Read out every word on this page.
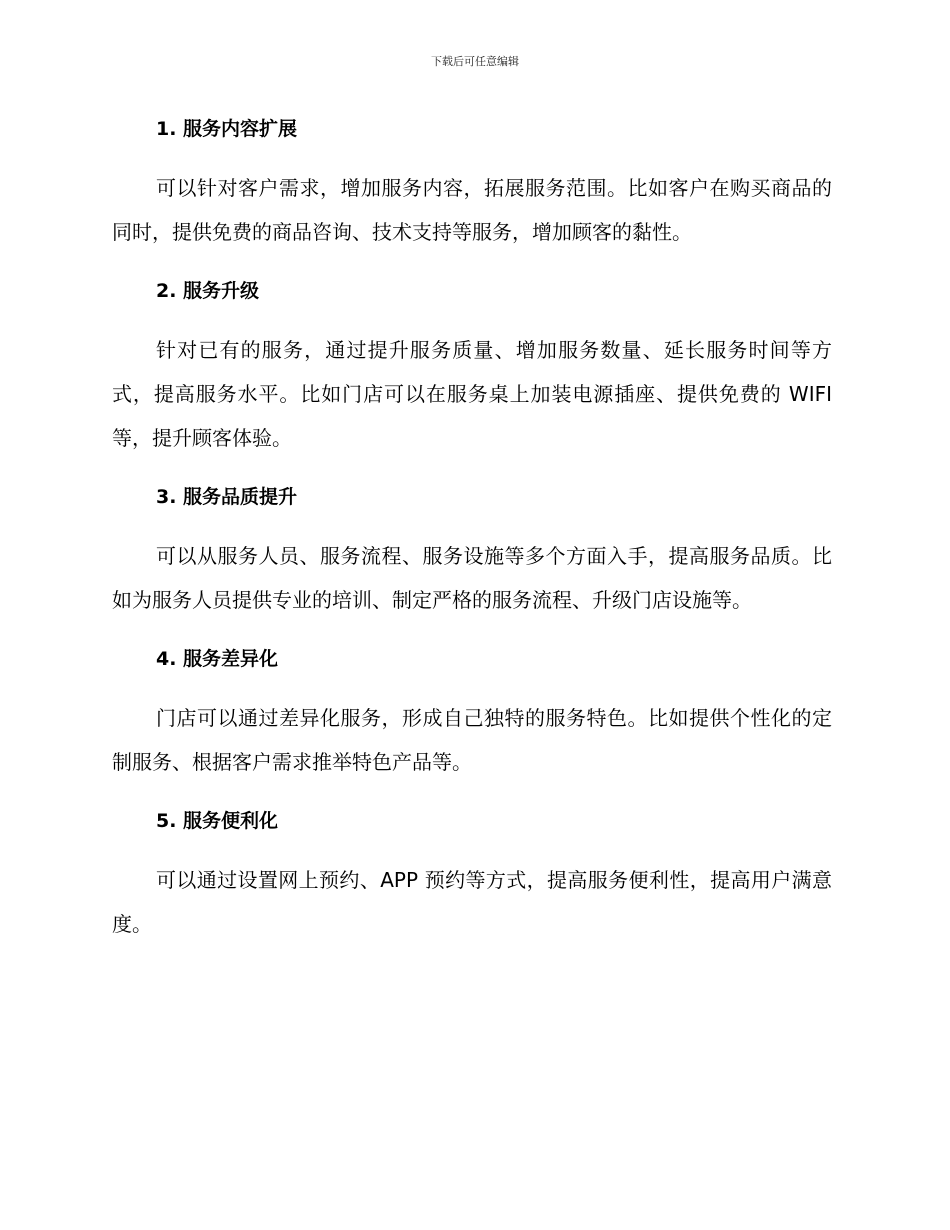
下载后可任意编辑
1. 服务内容扩展

可以针对客户需求，增加服务内容，拓展服务范围。比如客户在购买商品的同时，提供免费的商品咨询、技术支持等服务，增加顾客的黏性。

2. 服务升级

针对已有的服务，通过提升服务质量、增加服务数量、延长服务时间等方式，提高服务水平。比如门店可以在服务桌上加装电源插座、提供免费的 WIFI 等，提升顾客体验。

3. 服务品质提升

可以从服务人员、服务流程、服务设施等多个方面入手，提高服务品质。比如为服务人员提供专业的培训、制定严格的服务流程、升级门店设施等。

4. 服务差异化

门店可以通过差异化服务，形成自己独特的服务特色。比如提供个性化的定制服务、根据客户需求推举特色产品等。

5. 服务便利化

可以通过设置网上预约、APP 预约等方式，提高服务便利性，提高用户满意度。
